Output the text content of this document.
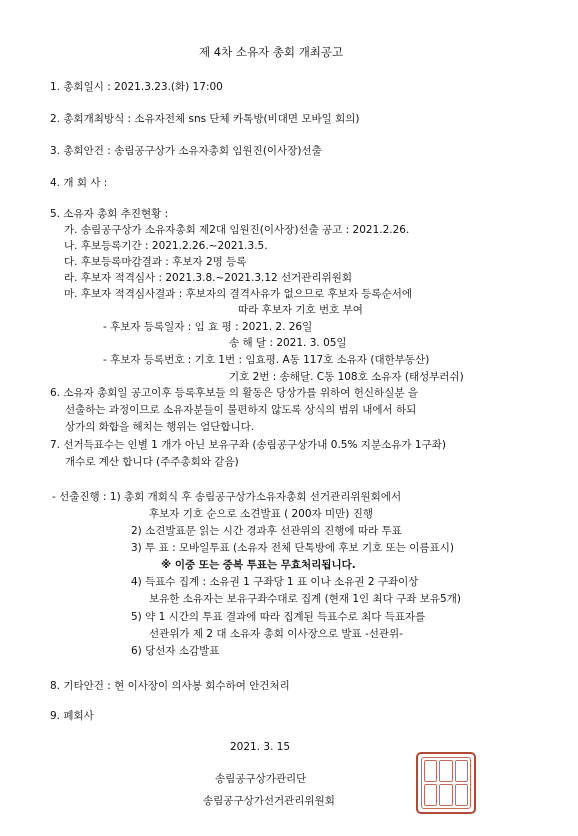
제 4차 소유자 총회 개최공고
1. 총회일시 : 2021.3.23.(화) 17:00
2. 총회개최방식 : 소유자전체 sns 단체 카톡방(비대면 모바일 회의)
3. 총회안건 : 송림공구상가 소유자총회 임원진(이사장)선출
4. 개 회 사 :
5. 소유자 총회 추진현황 :
가. 송림공구상가 소유자총회 제2대 임원진(이사장)선출 공고 : 2021.2.26.
나. 후보등록기간 : 2021.2.26.~2021.3.5.
다. 후보등록마감결과 : 후보자 2명 등록
라. 후보자 적격심사 : 2021.3.8.~2021.3.12 선거관리위원회
마. 후보자 적격심사결과 : 후보자의 결격사유가 없으므로 후보자 등록순서에
따라 후보자 기호 번호 부여
- 후보자 등록일자 : 임 효 평 : 2021. 2. 26일
송 해 달 : 2021. 3. 05일
- 후보자 등록번호 : 기호 1번 : 임효평. A동 117호 소유자 (대한부동산)
기호 2번 : 송해달. C동 108호 소유자 (태성부러쉬)
6. 소유자 총회일 공고이후 등록후보들 의 활동은 당상가를 위하여 헌신하실분 을
선출하는 과정이므로 소유자분들이 불편하지 않도록 상식의 범위 내에서 하되
상가의 화합을 해치는 행위는 엄단합니다.
7. 선거득표수는 인별 1 개가 아닌 보유구좌 (송림공구상가내 0.5% 지분소유가 1구좌)
개수로 계산 합니다 (주주총회와 같음)
- 선출진행 : 1) 총회 개회식 후 송림공구상가소유자총회 선거관리위원회에서
후보자 기호 순으로 소견발표 ( 200자 미만) 진행
2) 소견발표문 읽는 시간 경과후 선관위의 진행에 따라 투표
3) 투 표 : 모바일투표 (소유자 전체 단톡방에 후보 기호 또는 이름표시)
※ 이중 또는 중복 투표는 무효처리됩니다.
4) 득표수 집계 : 소유권 1 구좌당 1 표 이나 소유권 2 구좌이상
보유한 소유자는 보유구좌수대로 집계 (현재 1인 최다 구좌 보유5개)
5) 약 1 시간의 투표 결과에 따라 집계된 득표수로 최다 득표자를
선관위가 제 2 대 소유자 총회 이사장으로 발표 -선관위-
6) 당선자 소감발표
8. 기타안건 : 현 이사장이 의사봉 회수하여 안건처리
9. 폐회사
2021. 3. 15
송림공구상가관리단
송림공구상가선거관리위원회
